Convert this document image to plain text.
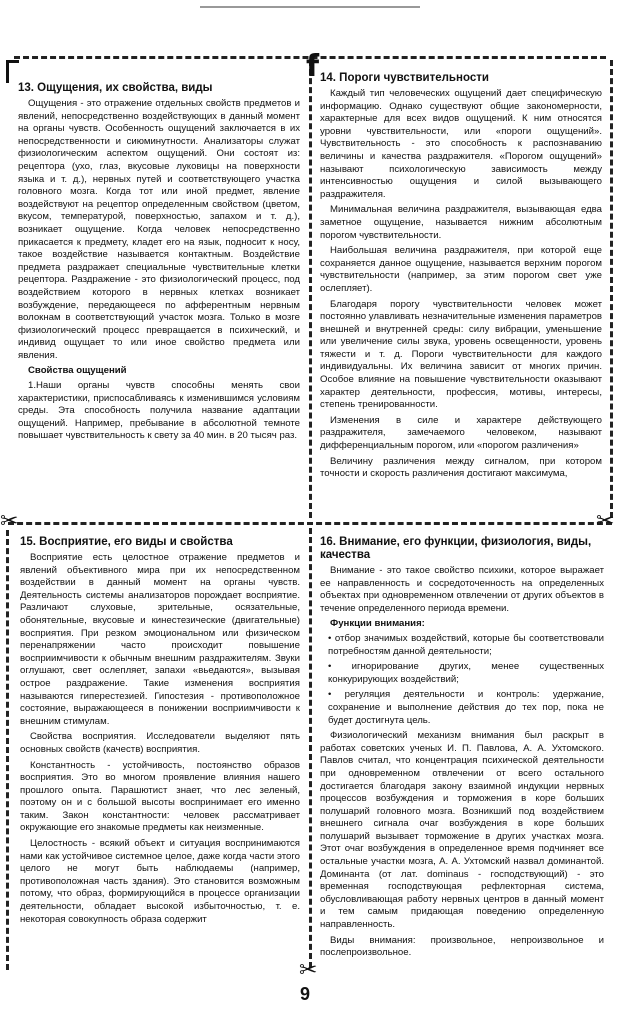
f
✂	✂
✂
13. Ощущения, их свойства, виды

Ощущения - это отражение отдельных свойств предметов и явлений, непосредственно воздействующих в данный момент на органы чувств. Особенность ощущений заключается в их непосредственности и сиюминутности. Анализаторы служат физиологическим аспектом ощущений. Они состоят из: рецептора (ухо, глаз, вкусовые луковицы на поверхности языка и т. д.), нервных путей и соответствующего участка головного мозга. Когда тот или иной предмет, явление воздействуют на рецептор определенным свойством (цветом, вкусом, температурой, поверхностью, запахом и т. д.), возникает ощущение. Когда человек непосредственно прикасается к предмету, кладет его на язык, подносит к носу, такое воздействие называется контактным. Воздействие предмета раздражает специальные чувствительные клетки рецептора. Раздражение - это физиологический процесс, под воздействием которого в нервных клетках возникает возбуждение, передающееся по афферентным нервным волокнам в соответствующий участок мозга. Только в мозге физиологический процесс превращается в психический, и индивид ощущает то или иное свойство предмета или явления.

Свойства ощущений

1.Наши органы чувств способны менять свои характеристики, приспосабливаясь к изменившимся условиям среды. Эта способность получила название адаптации ощущений. Например, пребывание в абсолютной темноте повышает чувствительность к свету за 40 мин. в 20 тысяч раз.

14. Пороги чувствительности

Каждый тип человеческих ощущений дает специфическую информацию. Однако существуют общие закономерности, характерные для всех видов ощущений. К ним относятся уровни чувствительности, или «пороги ощущений». Чувствительность - это способность к распознаванию величины и качества раздражителя. «Порогом ощущений» называют психологическую зависимость между интенсивностью ощущения и силой вызывающего раздражителя.

Минимальная величина раздражителя, вызывающая едва заметное ощущение, называется нижним абсолютным порогом чувствительности.

Наибольшая величина раздражителя, при которой еще сохраняется данное ощущение, называется верхним порогом чувствительности (например, за этим порогом свет уже ослепляет).

Благодаря порогу чувствительности человек может постоянно улавливать незначительные изменения параметров внешней и внутренней среды: силу вибрации, уменьшение или увеличение силы звука, уровень освещенности, уровень тяжести и т. д. Пороги чувствительности для каждого индивидуальны. Их величина зависит от многих причин. Особое влияние на повышение чувствительности оказывают характер деятельности, профессия, мотивы, интересы, степень тренированности.

Изменения в силе и характере действующего раздражителя, замечаемого человеком, называют дифференциальным порогом, или «порогом различения»

Величину различения между сигналом, при котором точности и скорость различения достигают максимума,

15. Восприятие, его виды и свойства

Восприятие есть целостное отражение предметов и явлений объективного мира при их непосредственном воздействии в данный момент на органы чувств. Деятельность системы анализаторов порождает восприятие. Различают слуховые, зрительные, осязательные, обонятельные, вкусовые и кинестезические (двигательные) восприятия. При резком эмоциональном или физическом перенапряжении часто происходит повышение восприимчивости к обычным внешним раздражителям. Звуки оглушают, свет ослепляет, запахи «вьедаются», вызывая острое раздражение. Такие изменения восприятия называются гиперестезией. Гипостезия - противоположное состояние, выражающееся в понижении восприимчивости к внешним стимулам.

Свойства восприятия. Исследователи выделяют пять основных свойств (качеств) восприятия.

Константность - устойчивость, постоянство образов восприятия. Это во многом проявление влияния нашего прошлого опыта. Парашютист знает, что лес зеленый, поэтому он и с большой высоты воспринимает его именно таким. Закон константности: человек рассматривает окружающие его знакомые предметы как неизменные.

Целостность - всякий объект и ситуация воспринимаются нами как устойчивое системное целое, даже когда части этого целого не могут быть наблюдаемы (например, противоположная часть здания). Это становится возможным потому, что образ, формирующийся в процессе организации деятельности, обладает высокой избыточностью, т. е. некоторая совокупность образа содержит

16. Внимание, его функции, физиология, виды, качества

Внимание - это такое свойство психики, которое выражает ее направленность и сосредоточенность на определенных объектах при одновременном отвлечении от других объектов в течение определенного периода времени.

Функции внимания:

• отбор значимых воздействий, которые бы соответствовали потребностям данной деятельности;

• игнорирование других, менее существенных конкурирующих воздействий;

• регуляция деятельности и контроль: удержание, сохранение и выполнение действия до тех пор, пока не будет достигнута цель.

Физиологический механизм внимания был раскрыт в работах советских ученых И. П. Павлова, А. А. Ухтомского. Павлов считал, что концентрация психической деятельности при одновременном отвлечении от всего остального достигается благодаря закону взаимной индукции нервных процессов возбуждения и торможения в коре больших полушарий головного мозга. Возникший под воздействием внешнего сигнала очаг возбуждения в коре больших полушарий вызывает торможение в других участках мозга. Этот очаг возбуждения в определенное время подчиняет все остальные участки мозга, А. А. Ухтомский назвал доминантой. Доминанта (от лат. dominaus - господствующий) - это временная господствующая рефлекторная система, обусловливающая работу нервных центров в данный момент и тем самым придающая поведению определенную направленность.

Виды внимания: произвольное, непроизвольное и послепроизвольное.

9
